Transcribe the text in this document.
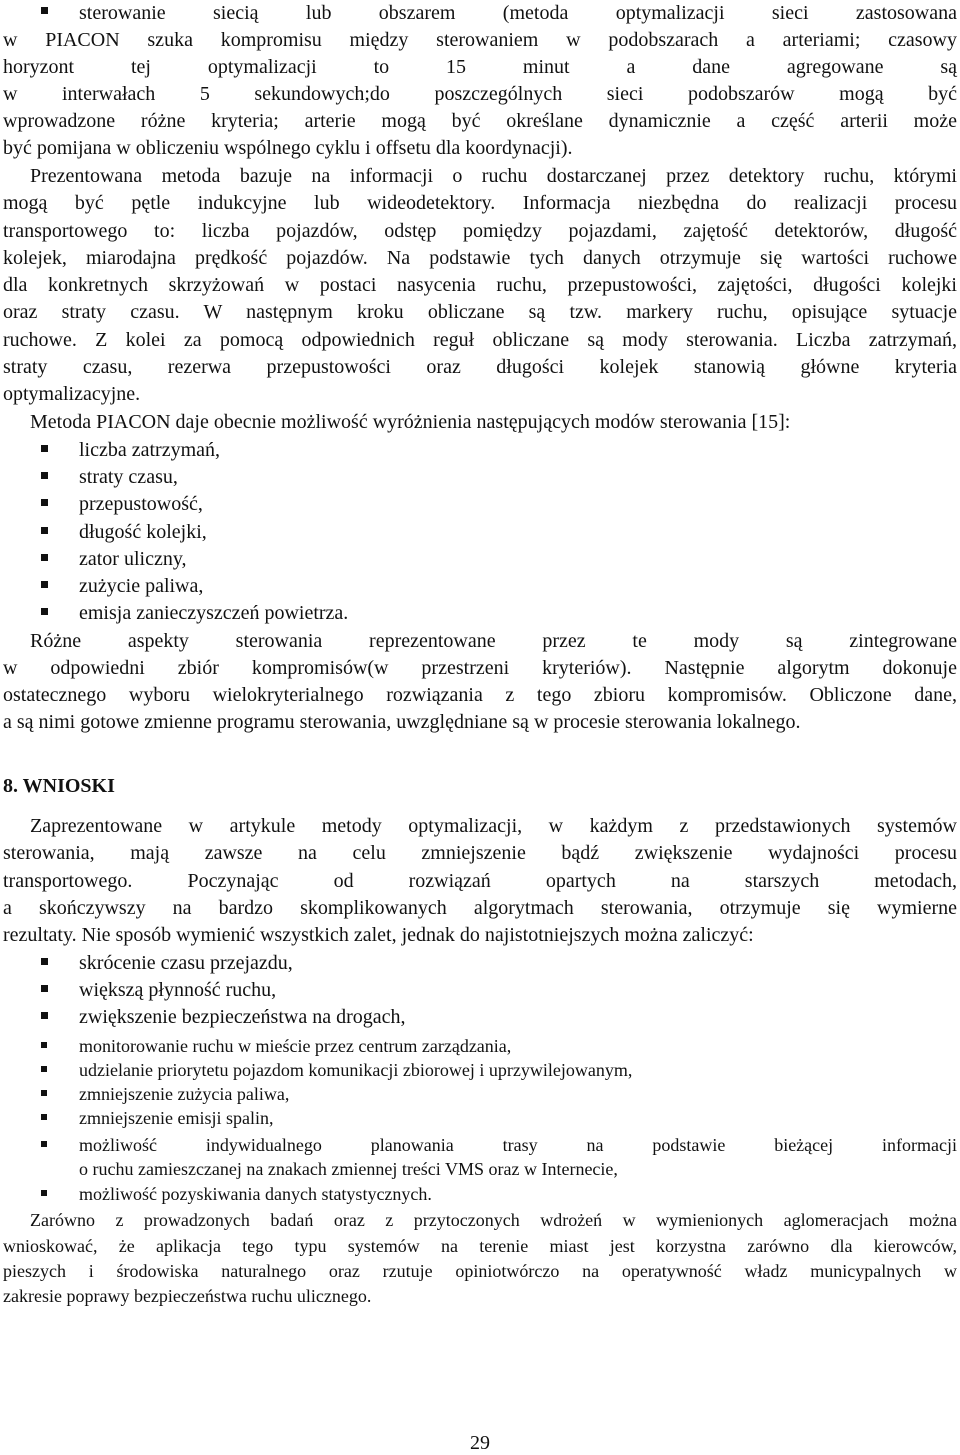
sterowanie siecią lub obszarem (metoda optymalizacji sieci zastosowana
w PIACON szuka kompromisu między sterowaniem w podobszarach a arteriami; czasowy
horyzont tej optymalizacji to 15 minut a dane agregowane są
w interwałach 5 sekundowych;do poszczególnych sieci podobszarów mogą być
wprowadzone różne kryteria; arterie mogą być określane dynamicznie a część arterii może
być pomijana w obliczeniu wspólnego cyklu i offsetu dla koordynacji).
Prezentowana metoda bazuje na informacji o ruchu dostarczanej przez detektory ruchu, którymi
mogą być pętle indukcyjne lub wideodetektory. Informacja niezbędna do realizacji procesu
transportowego to: liczba pojazdów, odstęp pomiędzy pojazdami, zajętość detektorów, długość
kolejek, miarodajna prędkość pojazdów. Na podstawie tych danych otrzymuje się wartości ruchowe
dla konkretnych skrzyżowań w postaci nasycenia ruchu, przepustowości, zajętości, długości kolejki
oraz straty czasu. W następnym kroku obliczane są tzw. markery ruchu, opisujące sytuacje
ruchowe. Z kolei za pomocą odpowiednich reguł obliczane są mody sterowania. Liczba zatrzymań,
straty czasu, rezerwa przepustowości oraz długości kolejek stanowią główne kryteria
optymalizacyjne.
Metoda PIACON daje obecnie możliwość wyróżnienia następujących modów sterowania [15]:
liczba zatrzymań,
straty czasu,
przepustowość,
długość kolejki,
zator uliczny,
zużycie paliwa,
emisja zanieczyszczeń powietrza.
Różne aspekty sterowania reprezentowane przez te mody są zintegrowane
w odpowiedni zbiór kompromisów(w przestrzeni kryteriów). Następnie algorytm dokonuje
ostatecznego wyboru wielokryterialnego rozwiązania z tego zbioru kompromisów. Obliczone dane,
a są nimi gotowe zmienne programu sterowania, uwzględniane są w procesie sterowania lokalnego.
8. WNIOSKI
Zaprezentowane w artykule metody optymalizacji, w każdym z przedstawionych systemów
sterowania, mają zawsze na celu zmniejszenie bądź zwiększenie wydajności procesu
transportowego. Poczynając od rozwiązań opartych na starszych metodach,
a skończywszy na bardzo skomplikowanych algorytmach sterowania, otrzymuje się wymierne
rezultaty. Nie sposób wymienić wszystkich zalet, jednak do najistotniejszych można zaliczyć:
skrócenie czasu przejazdu,
większą płynność ruchu,
zwiększenie bezpieczeństwa na drogach,
monitorowanie ruchu w mieście przez centrum zarządzania,
udzielanie priorytetu pojazdom komunikacji zbiorowej i uprzywilejowanym,
zmniejszenie zużycia paliwa,
zmniejszenie emisji spalin,
możliwość indywidualnego planowania trasy na podstawie bieżącej informacji
o ruchu zamieszczanej na znakach zmiennej treści VMS oraz w Internecie,
możliwość pozyskiwania danych statystycznych.
Zarówno z prowadzonych badań oraz z przytoczonych wdrożeń w wymienionych aglomeracjach można
wnioskować, że aplikacja tego typu systemów na terenie miast jest korzystna zarówno dla kierowców,
pieszych i środowiska naturalnego oraz rzutuje opiniotwórczo na operatywność władz municypalnych w
zakresie poprawy bezpieczeństwa ruchu ulicznego.
29
